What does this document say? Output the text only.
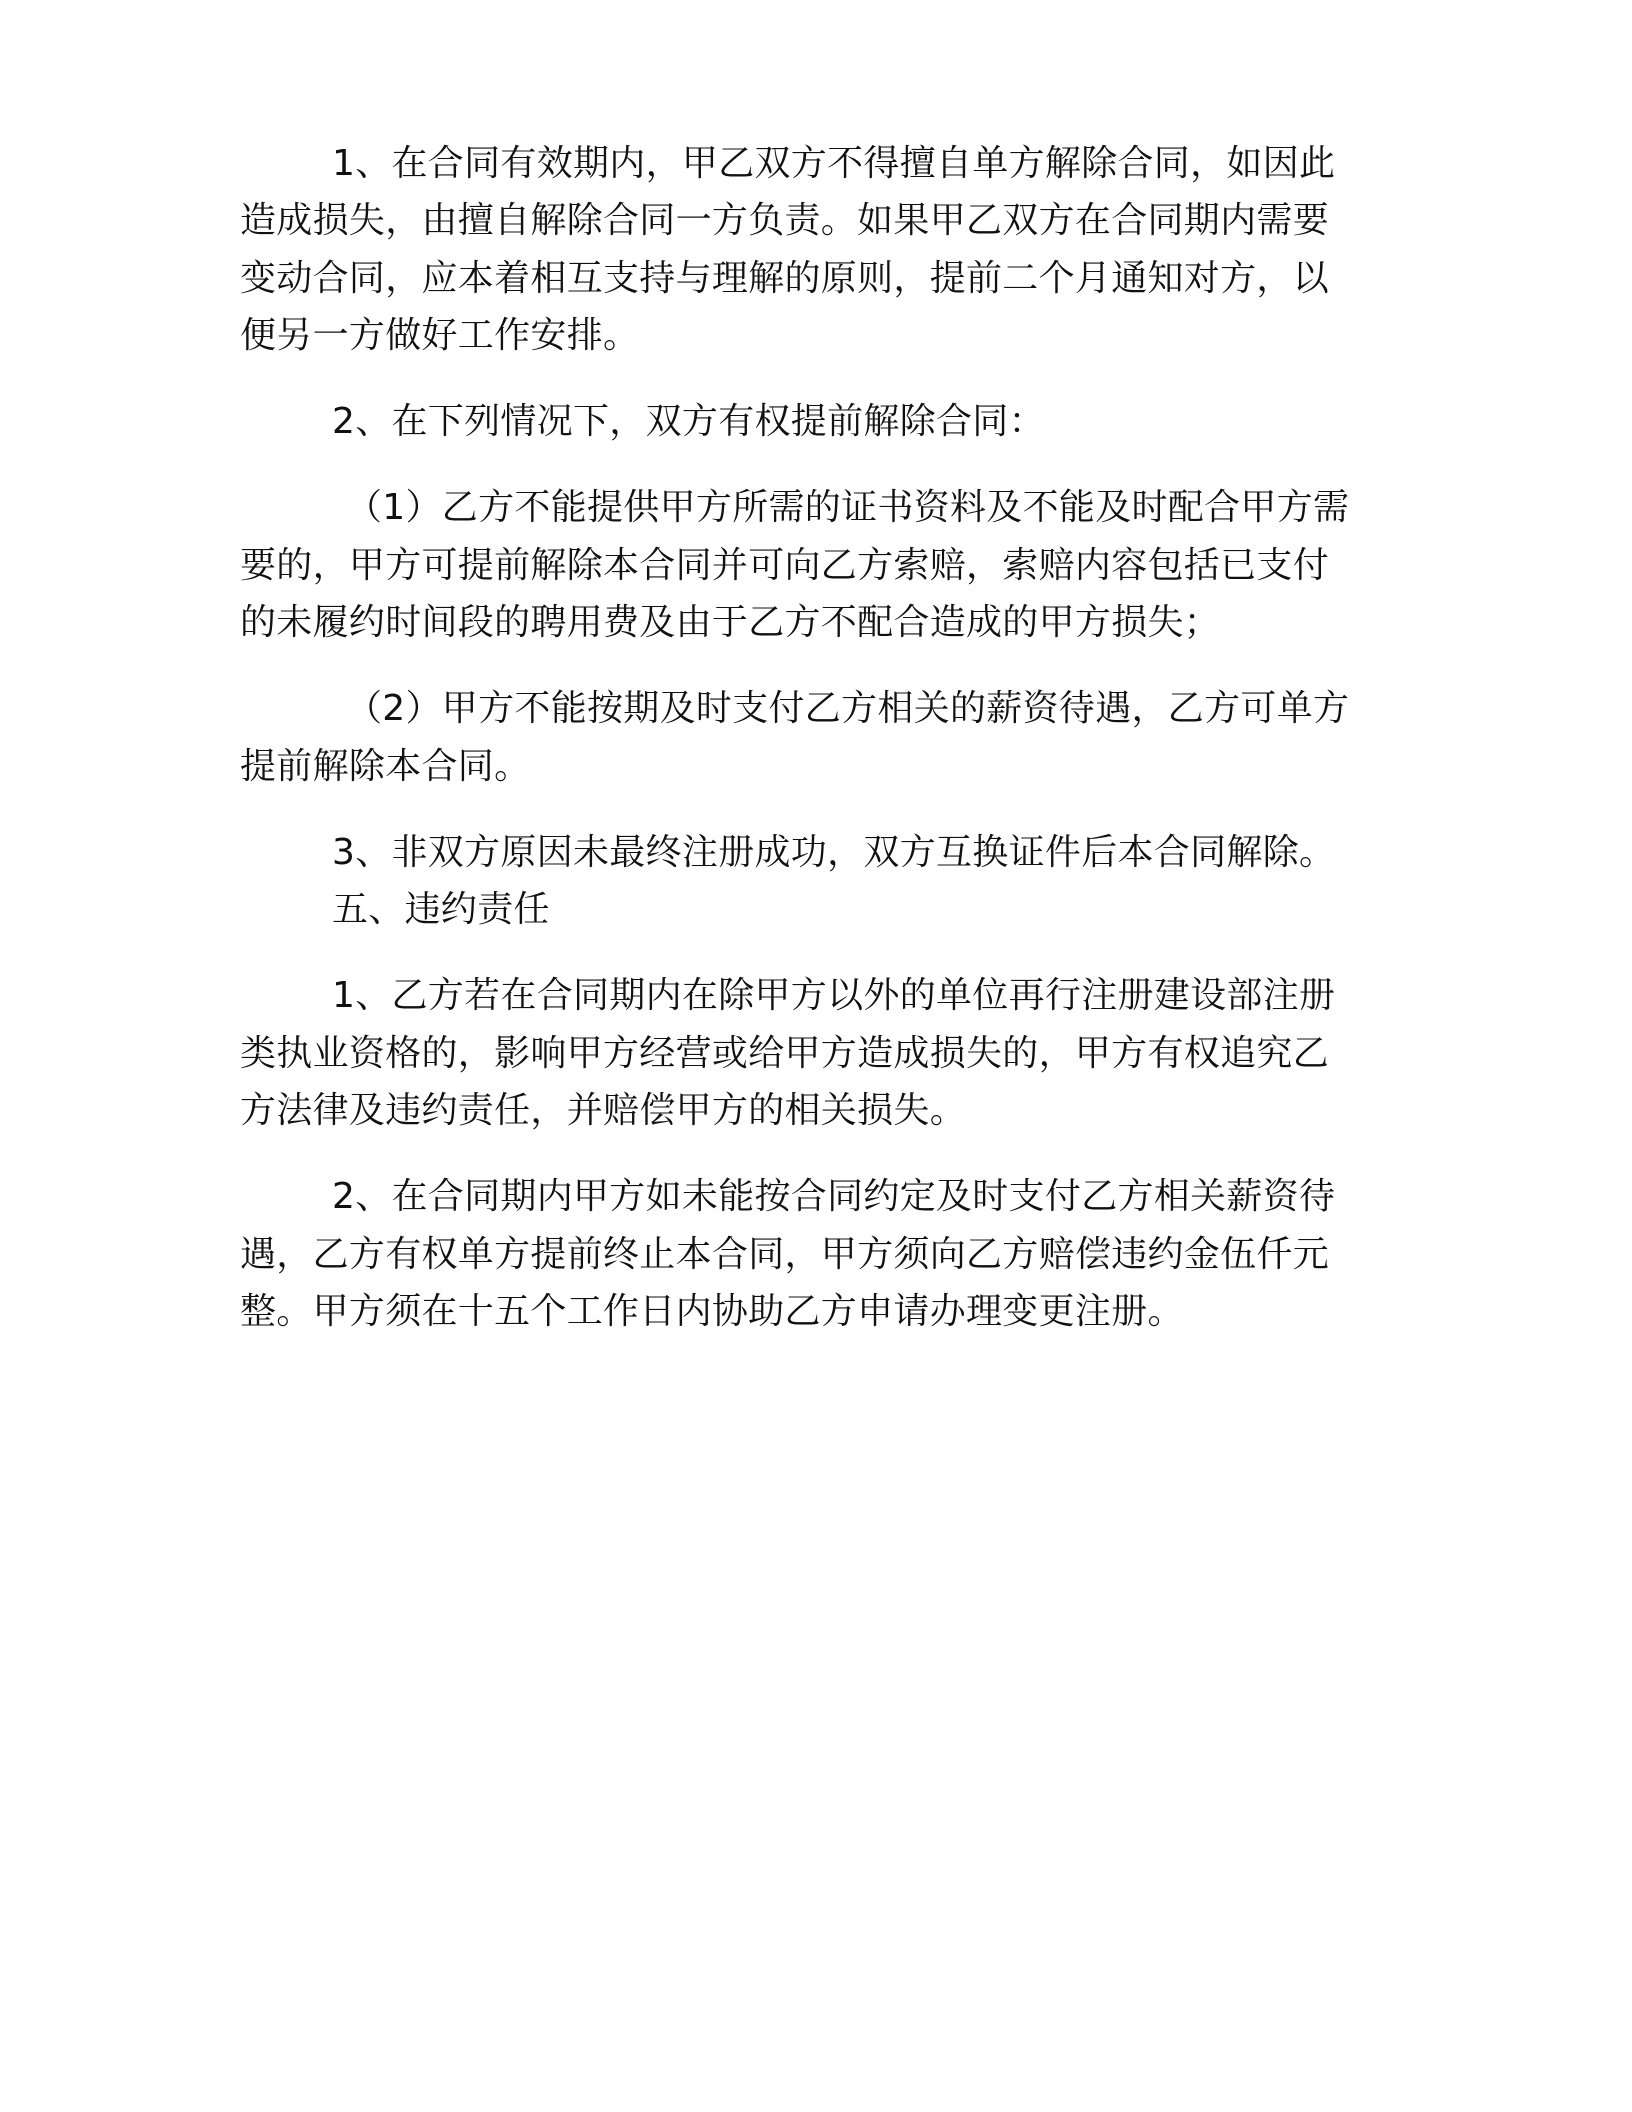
1、在合同有效期内，甲乙双方不得擅自单方解除合同，如因此
造成损失，由擅自解除合同一方负责。如果甲乙双方在合同期内需要
变动合同，应本着相互支持与理解的原则，提前二个月通知对方，以
便另一方做好工作安排。
2、在下列情况下，双方有权提前解除合同：
（1）乙方不能提供甲方所需的证书资料及不能及时配合甲方需
要的，甲方可提前解除本合同并可向乙方索赔，索赔内容包括已支付
的未履约时间段的聘用费及由于乙方不配合造成的甲方损失；
（2）甲方不能按期及时支付乙方相关的薪资待遇，乙方可单方
提前解除本合同。
3、非双方原因未最终注册成功，双方互换证件后本合同解除。
五、违约责任
1、乙方若在合同期内在除甲方以外的单位再行注册建设部注册
类执业资格的，影响甲方经营或给甲方造成损失的，甲方有权追究乙
方法律及违约责任，并赔偿甲方的相关损失。
2、在合同期内甲方如未能按合同约定及时支付乙方相关薪资待
遇，乙方有权单方提前终止本合同，甲方须向乙方赔偿违约金伍仟元
整。甲方须在十五个工作日内协助乙方申请办理变更注册。
